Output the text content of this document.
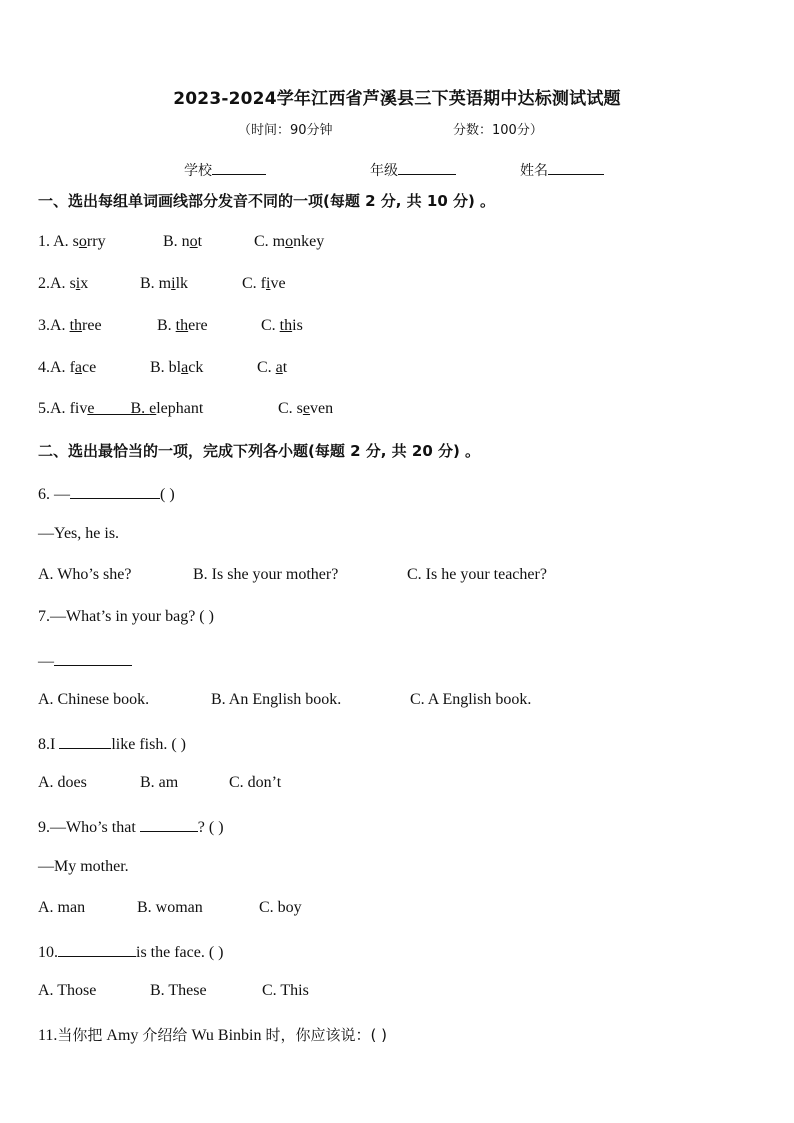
2023-2024学年江西省芦溪县三下英语期中达标测试试题
（时间：90分钟	分数：100分）
学校	年级	姓名
一、选出每组单词画线部分发音不同的一项(每题 2 分, 共 10 分) 。
1. A. sorry	B. not	C. monkey
2.A. six	B. milk	C. five
3.A. three	B. there	C. this
4.A. face	B. black	C. at
5.A. five         B. elephant	C. seven
二、选出最恰当的一项，完成下列各小题(每题 2 分, 共 20 分) 。
6. —	( )
—Yes, he is.
A. Who’s she?	B. Is she your mother?	C. Is he your teacher?
7.—What’s in your bag? ( )
—
A. Chinese book.	B. An English book.	C. A English book.
8.I	like fish. ( )
A. does	B. am	C. don’t
9.—Who’s that	? ( )
—My mother.
A. man	B. woman	C. boy
10.	is the face. ( )
A. Those	B. These	C. This
11.当你把 Amy 介绍给 Wu Binbin 时，你应该说：( )
